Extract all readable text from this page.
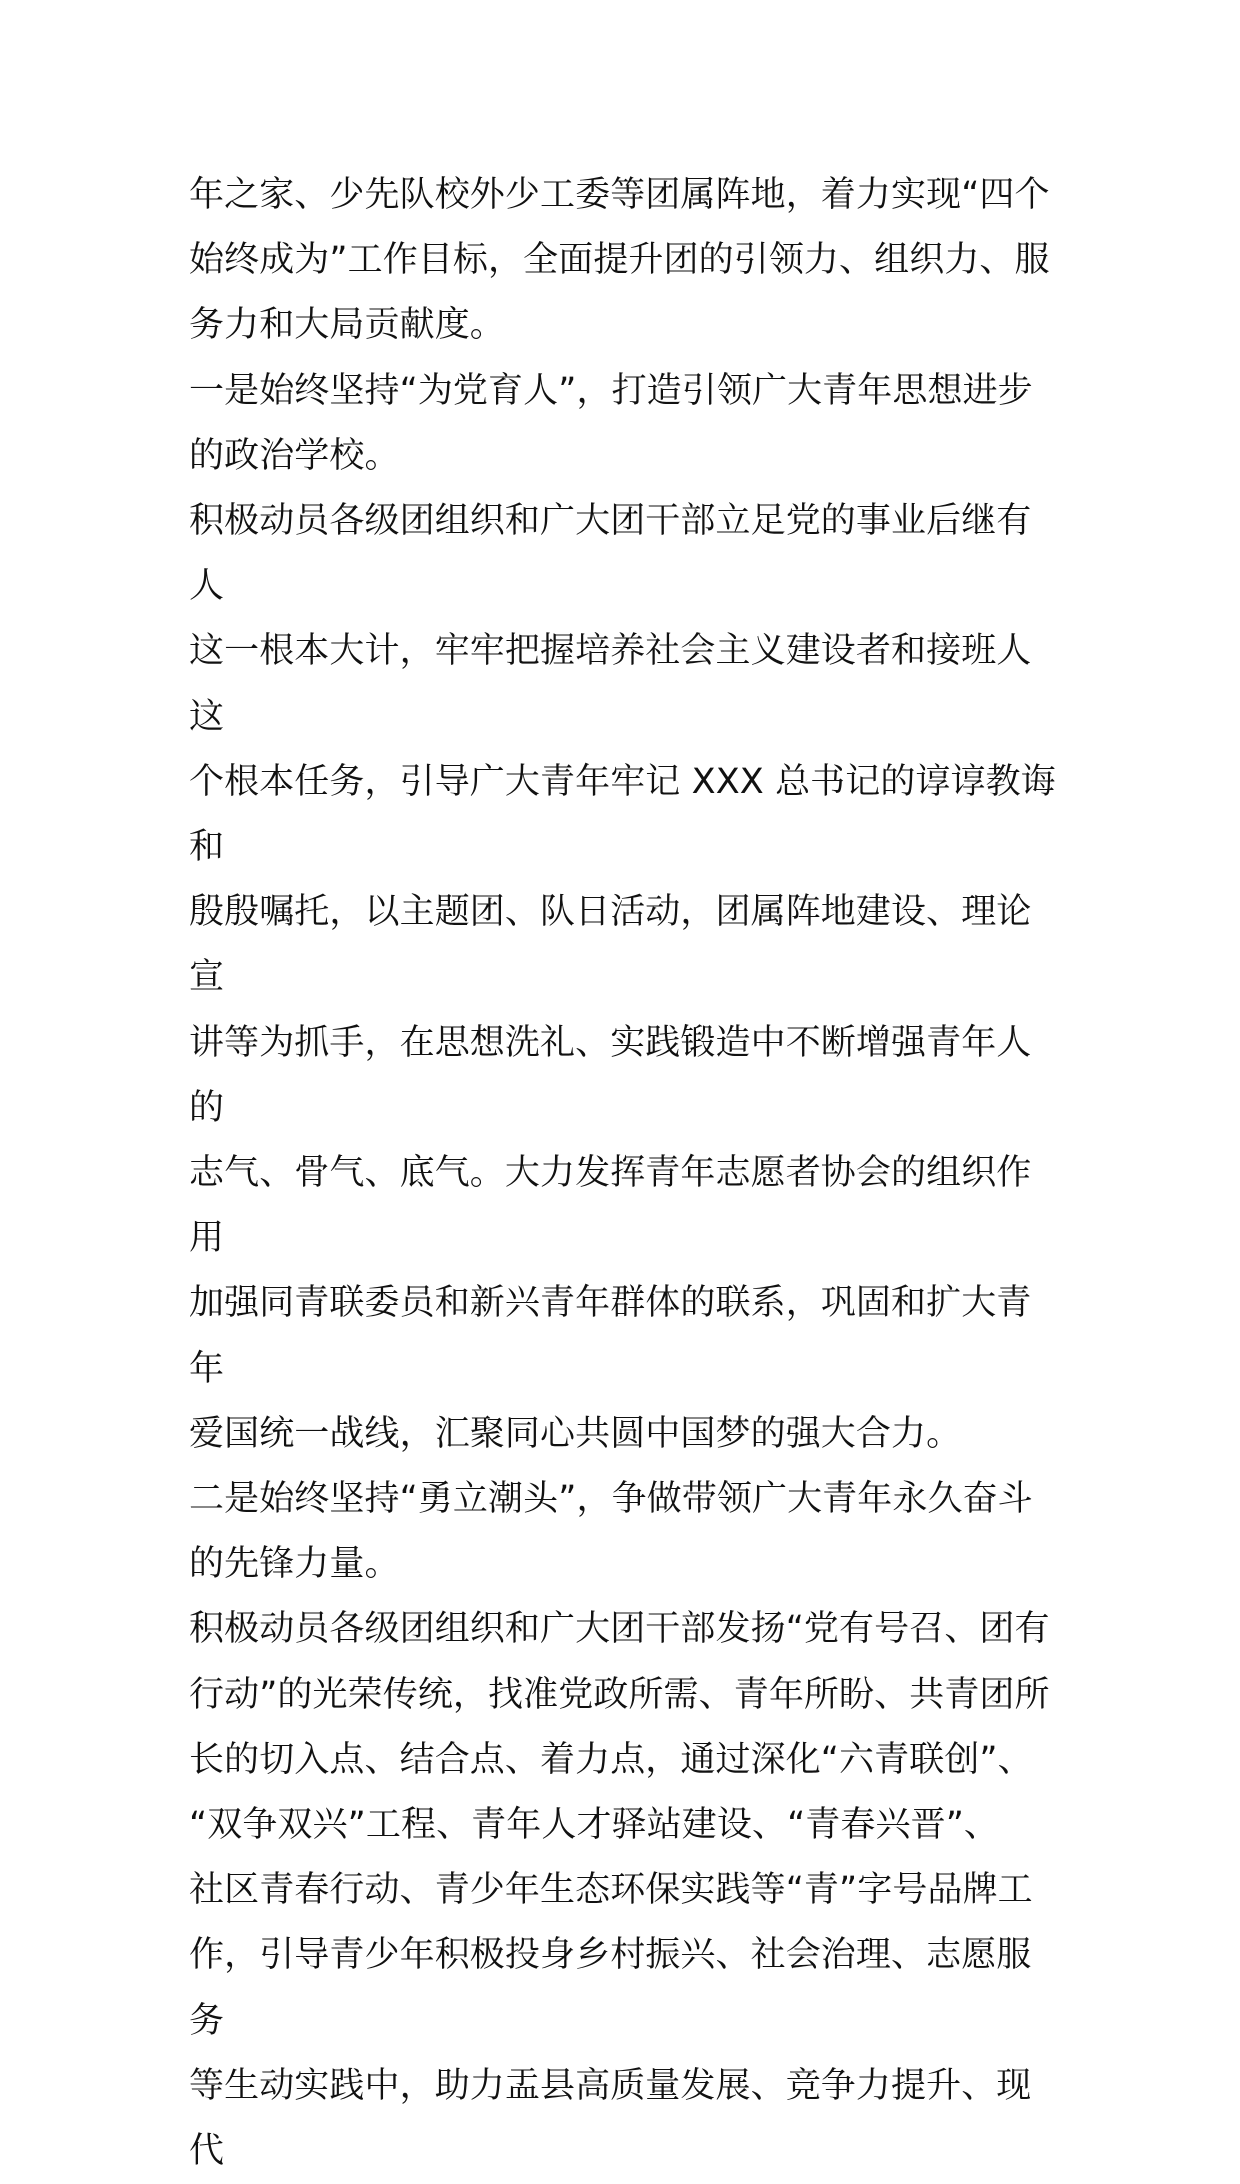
年之家、少先队校外少工委等团属阵地，着力实现“四个
始终成为”工作目标，全面提升团的引领力、组织力、服
务力和大局贡献度。

一是始终坚持“为党育人”，打造引领广大青年思想进步
的政治学校。

积极动员各级团组织和广大团干部立足党的事业后继有人
这一根本大计，牢牢把握培养社会主义建设者和接班人这
个根本任务，引导广大青年牢记 XXX 总书记的谆谆教诲和
殷殷嘱托，以主题团、队日活动，团属阵地建设、理论宣
讲等为抓手，在思想洗礼、实践锻造中不断增强青年人的
志气、骨气、底气。大力发挥青年志愿者协会的组织作用
加强同青联委员和新兴青年群体的联系，巩固和扩大青年
爱国统一战线，汇聚同心共圆中国梦的强大合力。

二是始终坚持“勇立潮头”，争做带领广大青年永久奋斗
的先锋力量。

积极动员各级团组织和广大团干部发扬“党有号召、团有
行动”的光荣传统，找准党政所需、青年所盼、共青团所
长的切入点、结合点、着力点，通过深化“六青联创”、
“双争双兴”工程、青年人才驿站建设、“青春兴晋”、
社区青春行动、青少年生态环保实践等“青”字号品牌工
作，引导青少年积极投身乡村振兴、社会治理、志愿服务
等生动实践中，助力盂县高质量发展、竞争力提升、现代
